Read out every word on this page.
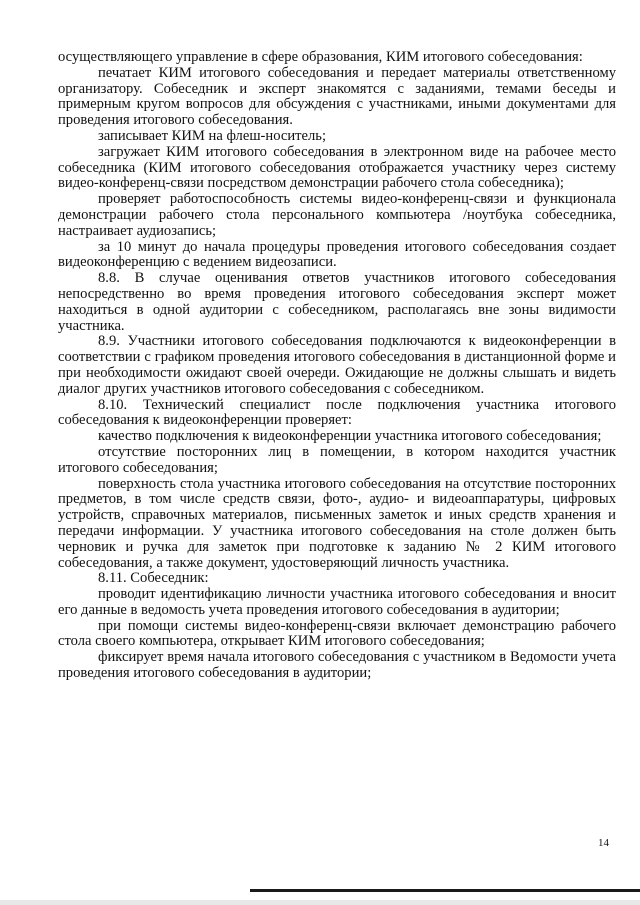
осуществляющего управление в сфере образования, КИМ итогового собеседования:

печатает КИМ итогового собеседования и передает материалы ответственному организатору. Собеседник и эксперт знакомятся с заданиями, темами беседы и примерным кругом вопросов для обсуждения с участниками, иными документами для проведения итогового собеседования.

записывает КИМ на флеш-носитель;

загружает КИМ итогового собеседования в электронном виде на рабочее место собеседника (КИМ итогового собеседования отображается участнику через систему видео-конференц-связи посредством демонстрации рабочего стола собеседника);

проверяет работоспособность системы видео-конференц-связи и функционала демонстрации рабочего стола персонального компьютера /ноутбука собеседника, настраивает аудиозапись;

за 10 минут до начала процедуры проведения итогового собеседования создает видеоконференцию с ведением видеозаписи.

8.8. В случае оценивания ответов участников итогового собеседования непосредственно во время проведения итогового собеседования эксперт может находиться в одной аудитории с собеседником, располагаясь вне зоны видимости участника.

8.9. Участники итогового собеседования подключаются к видеоконференции в соответствии с графиком проведения итогового собеседования в дистанционной форме и при необходимости ожидают своей очереди. Ожидающие не должны слышать и видеть диалог других участников итогового собеседования с собеседником.

8.10. Технический специалист после подключения участника итогового собеседования к видеоконференции проверяет:

качество подключения к видеоконференции участника итогового собеседования;

отсутствие посторонних лиц в помещении, в котором находится участник итогового собеседования;

поверхность стола участника итогового собеседования на отсутствие посторонних предметов, в том числе средств связи, фото-, аудио- и видеоаппаратуры, цифровых устройств, справочных материалов, письменных заметок и иных средств хранения и передачи информации. У участника итогового собеседования на столе должен быть черновик и ручка для заметок при подготовке к заданию № 2 КИМ итогового собеседования, а также документ, удостоверяющий личность участника.

8.11. Собеседник:

проводит идентификацию личности участника итогового собеседования и вносит его данные в ведомость учета проведения итогового собеседования в аудитории;

при помощи системы видео-конференц-связи включает демонстрацию рабочего стола своего компьютера, открывает КИМ итогового собеседования;

фиксирует время начала итогового собеседования с участником в Ведомости учета проведения итогового собеседования в аудитории;

14
